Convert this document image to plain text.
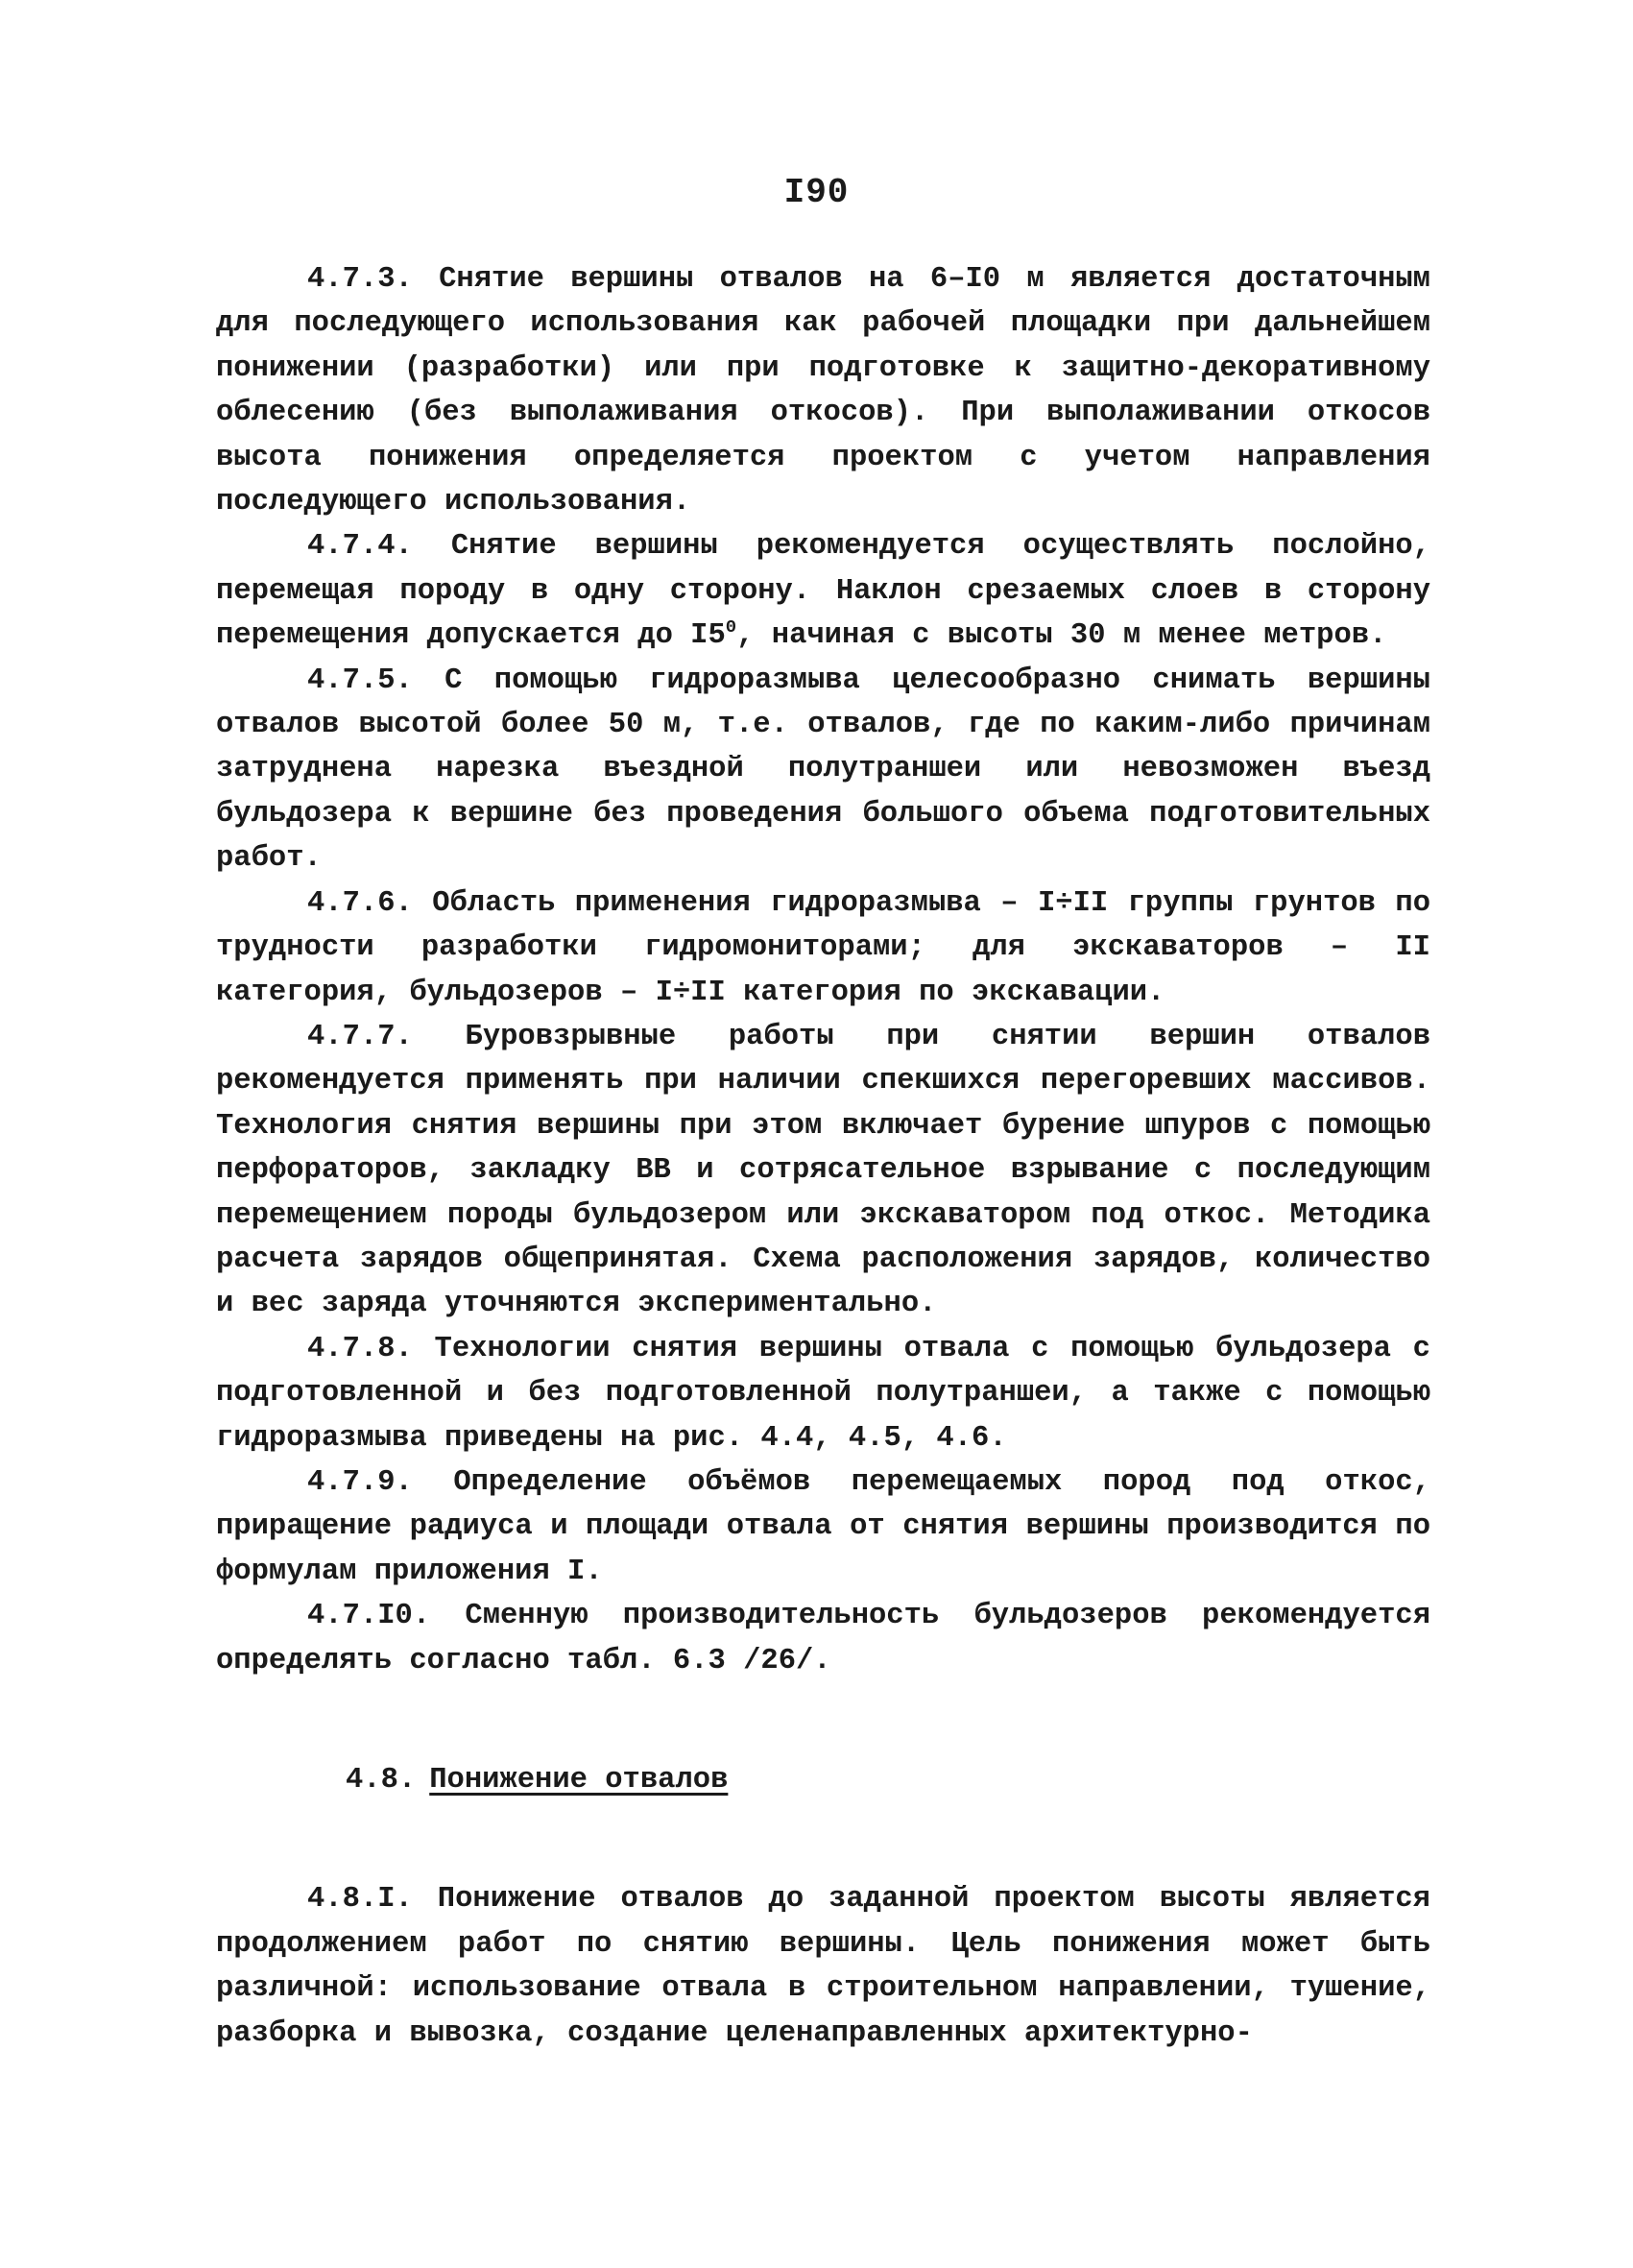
I90

4.7.3. Снятие вершины отвалов на 6–I0 м является достаточным для последующего использования как рабочей площадки при дальнейшем понижении (разработки) или при подготовке к защитно-декоративному облесению (без выполаживания откосов). При выполаживании откосов высота понижения определяется проектом с учетом направления последующего использования.

4.7.4. Снятие вершины рекомендуется осуществлять послойно, перемещая породу в одну сторону. Наклон срезаемых слоев в сторону перемещения допускается до $I5^0$, начиная с высоты 30 м менее метров.

4.7.5. С помощью гидроразмыва целесообразно снимать вершины отвалов высотой более 50 м, т.е. отвалов, где по каким-либо причинам затруднена нарезка въездной полутраншеи или невозможен въезд бульдозера к вершине без проведения большого объема подготовительных работ.

4.7.6. Область применения гидроразмыва – I÷II группы грунтов по трудности разработки гидромониторами; для экскаваторов – II категория, бульдозеров – I÷II категория по экскавации.

4.7.7. Буровзрывные работы при снятии вершин отвалов рекомендуется применять при наличии спекшихся перегоревших массивов. Технология снятия вершины при этом включает бурение шпуров с помощью перфораторов, закладку ВВ и сотрясательное взрывание с последующим перемещением породы бульдозером или экскаватором под откос. Методика расчета зарядов общепринятая. Схема расположения зарядов, количество и вес заряда уточняются экспериментально.

4.7.8. Технологии снятия вершины отвала с помощью бульдозера с подготовленной и без подготовленной полутраншеи, а также с помощью гидроразмыва приведены на рис. 4.4, 4.5, 4.6.

4.7.9. Определение объёмов перемещаемых пород под откос, приращение радиуса и площади отвала от снятия вершины производится по формулам приложения I.

4.7.I0. Сменную производительность бульдозеров рекомендуется определять согласно табл. 6.3 /26/.

4.8. Понижение отвалов

4.8.I. Понижение отвалов до заданной проектом высоты является продолжением работ по снятию вершины. Цель понижения может быть различной: использование отвала в строительном направлении, тушение, разборка и вывозка, создание целенаправленных архитектурно-
